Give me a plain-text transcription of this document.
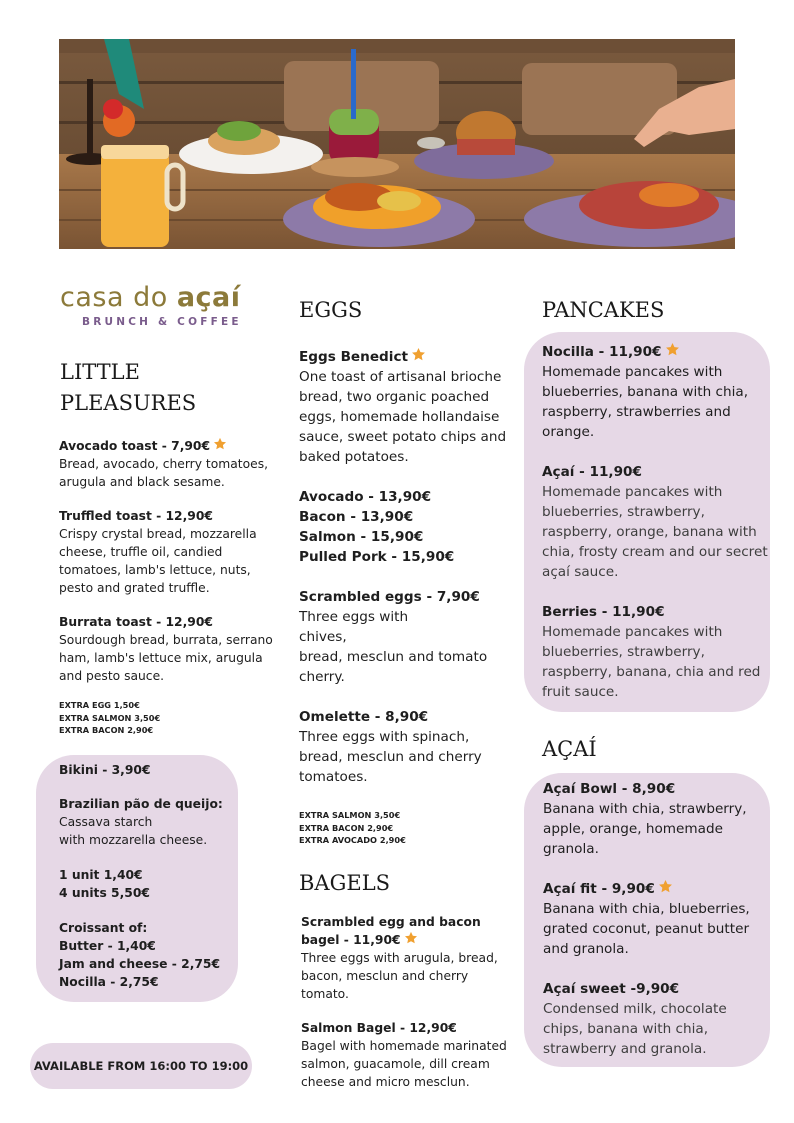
casa do açaí
BRUNCH & COFFEE
LITTLE PLEASURES
Avocado toast - 7,90€
Bread, avocado, cherry tomatoes, arugula and black sesame.
Truffled toast - 12,90€
Crispy crystal bread, mozzarella cheese, truffle oil, candied tomatoes, lamb's lettuce, nuts, pesto and grated truffle.
Burrata toast - 12,90€
Sourdough bread, burrata, serrano ham, lamb's lettuce mix, arugula and pesto sauce.
EXTRA EGG 1,50€
EXTRA SALMON 3,50€
EXTRA BACON 2,90€
Bikini - 3,90€
Brazilian pão de queijo:
Cassava starch
with mozzarella cheese.
1 unit 1,40€
4 units 5,50€
Croissant of:
Butter - 1,40€
Jam and cheese - 2,75€
Nocilla - 2,75€
AVAILABLE FROM 16:00 TO 19:00
EGGS
Eggs Benedict
One toast of artisanal brioche bread, two organic poached eggs, homemade hollandaise sauce, sweet potato chips and baked potatoes.
Avocado - 13,90€
Bacon - 13,90€
Salmon - 15,90€
Pulled Pork - 15,90€
Scrambled eggs - 7,90€
Three eggs with
chives,
bread, mesclun and tomato cherry.
Omelette - 8,90€
Three eggs with spinach, bread, mesclun and cherry tomatoes.
EXTRA SALMON 3,50€
EXTRA BACON 2,90€
EXTRA AVOCADO 2,90€
BAGELS
Scrambled egg and bacon bagel - 11,90€
Three eggs with arugula, bread, bacon, mesclun and cherry tomato.
Salmon Bagel - 12,90€
Bagel with homemade marinated salmon, guacamole, dill cream cheese and micro mesclun.
PANCAKES
Nocilla - 11,90€
Homemade pancakes with blueberries, banana with chia, raspberry, strawberries and orange.
Açaí - 11,90€
Homemade pancakes with blueberries, strawberry, raspberry, orange, banana with chia, frosty cream and our secret açaí sauce.
Berries - 11,90€
Homemade pancakes with blueberries, strawberry, raspberry, banana, chia and red fruit sauce.
AÇAÍ
Açaí Bowl - 8,90€
Banana with chia, strawberry, apple, orange, homemade granola.
Açaí fit - 9,90€
Banana with chia, blueberries, grated coconut, peanut butter and granola.
Açaí sweet -9,90€
Condensed milk, chocolate chips, banana with chia, strawberry and granola.
